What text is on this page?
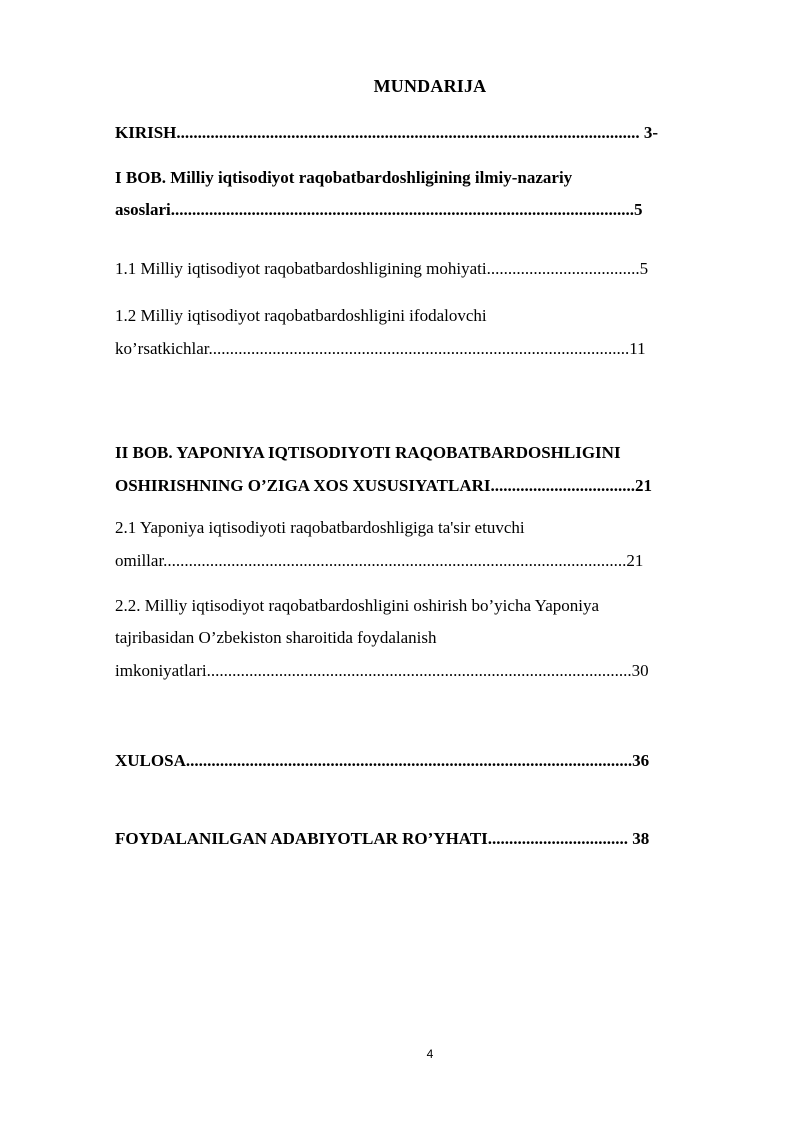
MUNDARIJA
KIRISH............................................................................................................. 3-
I BOB. Milliy iqtisodiyot raqobatbardoshligining ilmiy-nazariy
asoslari.............................................................................................................5
1.1 Milliy iqtisodiyot raqobatbardoshligining mohiyati....................................5
1.2 Milliy iqtisodiyot raqobatbardoshligini ifodalovchi
ko’rsatkichlar...................................................................................................11
II BOB. YAPONIYA IQTISODIYOTI RAQOBATBARDOSHLIGINI
OSHIRISHNING O’ZIGA XOS XUSUSIYATLARI..................................21
2.1 Yaponiya iqtisodiyoti raqobatbardoshligiga ta'sir etuvchi
omillar.............................................................................................................21
2.2. Milliy iqtisodiyot raqobatbardoshligini oshirish bo’yicha Yaponiya
tajribasidan O’zbekiston sharoitida foydalanish
imkoniyatlari....................................................................................................30
XULOSA.........................................................................................................36
FOYDALANILGAN ADABIYOTLAR RO’YHATI................................. 38
4
